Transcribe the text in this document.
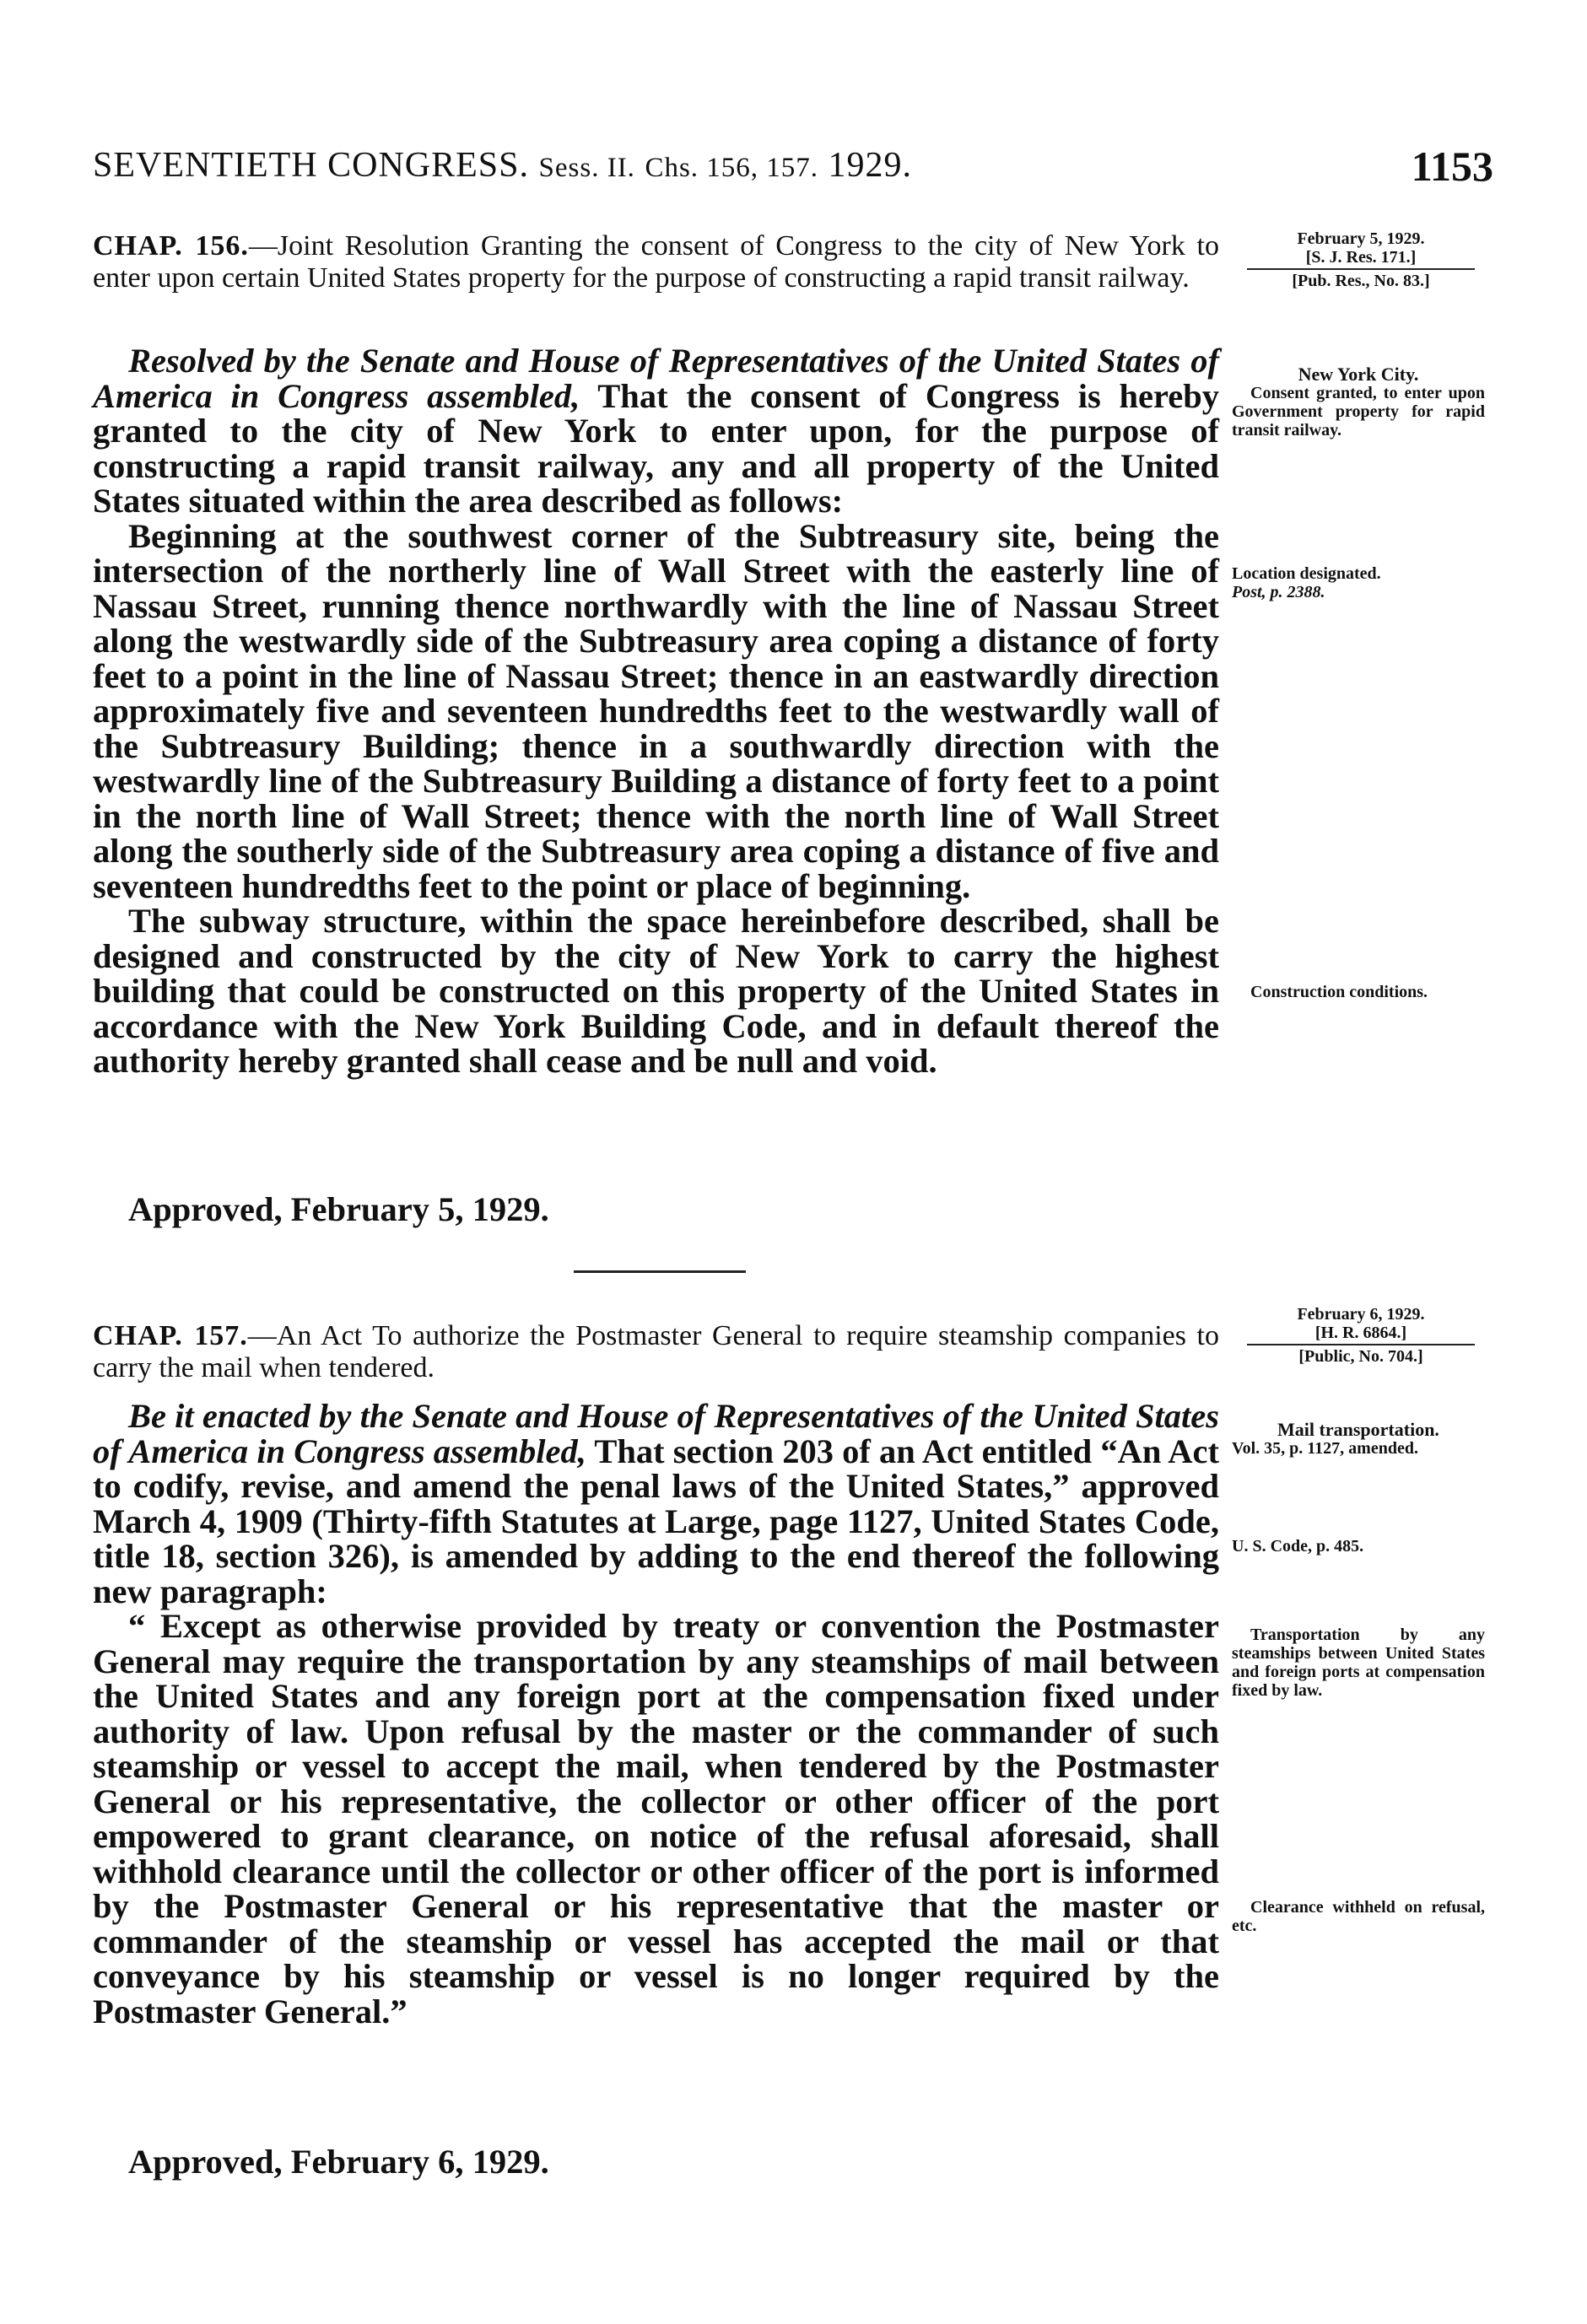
SEVENTIETH CONGRESS. Sess. II. Chs. 156, 157. 1929.	1153
CHAP. 156.—Joint Resolution Granting the consent of Congress to the city of New York to enter upon certain United States property for the purpose of constructing a rapid transit railway.
February 5, 1929.
[S. J. Res. 171.]
[Pub. Res., No. 83.]

Resolved by the Senate and House of Representatives of the United States of America in Congress assembled, That the consent of Congress is hereby granted to the city of New York to enter upon, for the purpose of constructing a rapid transit railway, any and all property of the United States situated within the area described as follows:

Beginning at the southwest corner of the Subtreasury site, being the intersection of the northerly line of Wall Street with the easterly line of Nassau Street, running thence northwardly with the line of Nassau Street along the westwardly side of the Subtreasury area coping a distance of forty feet to a point in the line of Nassau Street; thence in an eastwardly direction approximately five and seventeen hundredths feet to the westwardly wall of the Subtreasury Building; thence in a southwardly direction with the westwardly line of the Subtreasury Building a distance of forty feet to a point in the north line of Wall Street; thence with the north line of Wall Street along the southerly side of the Subtreasury area coping a distance of five and seventeen hundredths feet to the point or place of beginning.

The subway structure, within the space hereinbefore described, shall be designed and constructed by the city of New York to carry the highest building that could be constructed on this property of the United States in accordance with the New York Building Code, and in default thereof the authority hereby granted shall cease and be null and void.

Approved, February 5, 1929.
New York City.
Consent granted, to enter upon Government property for rapid transit railway.
Location designated.
Post, p. 2388.
Construction conditions.
CHAP. 157.—An Act To authorize the Postmaster General to require steamship companies to carry the mail when tendered.
February 6, 1929.
[H. R. 6864.]
[Public, No. 704.]

Be it enacted by the Senate and House of Representatives of the United States of America in Congress assembled, That section 203 of an Act entitled “An Act to codify, revise, and amend the penal laws of the United States,” approved March 4, 1909 (Thirty-fifth Statutes at Large, page 1127, United States Code, title 18, section 326), is amended by adding to the end thereof the following new paragraph:

“ Except as otherwise provided by treaty or convention the Postmaster General may require the transportation by any steamships of mail between the United States and any foreign port at the compensation fixed under authority of law. Upon refusal by the master or the commander of such steamship or vessel to accept the mail, when tendered by the Postmaster General or his representative, the collector or other officer of the port empowered to grant clearance, on notice of the refusal aforesaid, shall withhold clearance until the collector or other officer of the port is informed by the Postmaster General or his representative that the master or commander of the steamship or vessel has accepted the mail or that conveyance by his steamship or vessel is no longer required by the Postmaster General.”

Approved, February 6, 1929.
Mail transportation.
Vol. 35, p. 1127, amended.
U. S. Code, p. 485.
Transportation by any steamships between United States and foreign ports at compensation fixed by law.
Clearance withheld on refusal, etc.
